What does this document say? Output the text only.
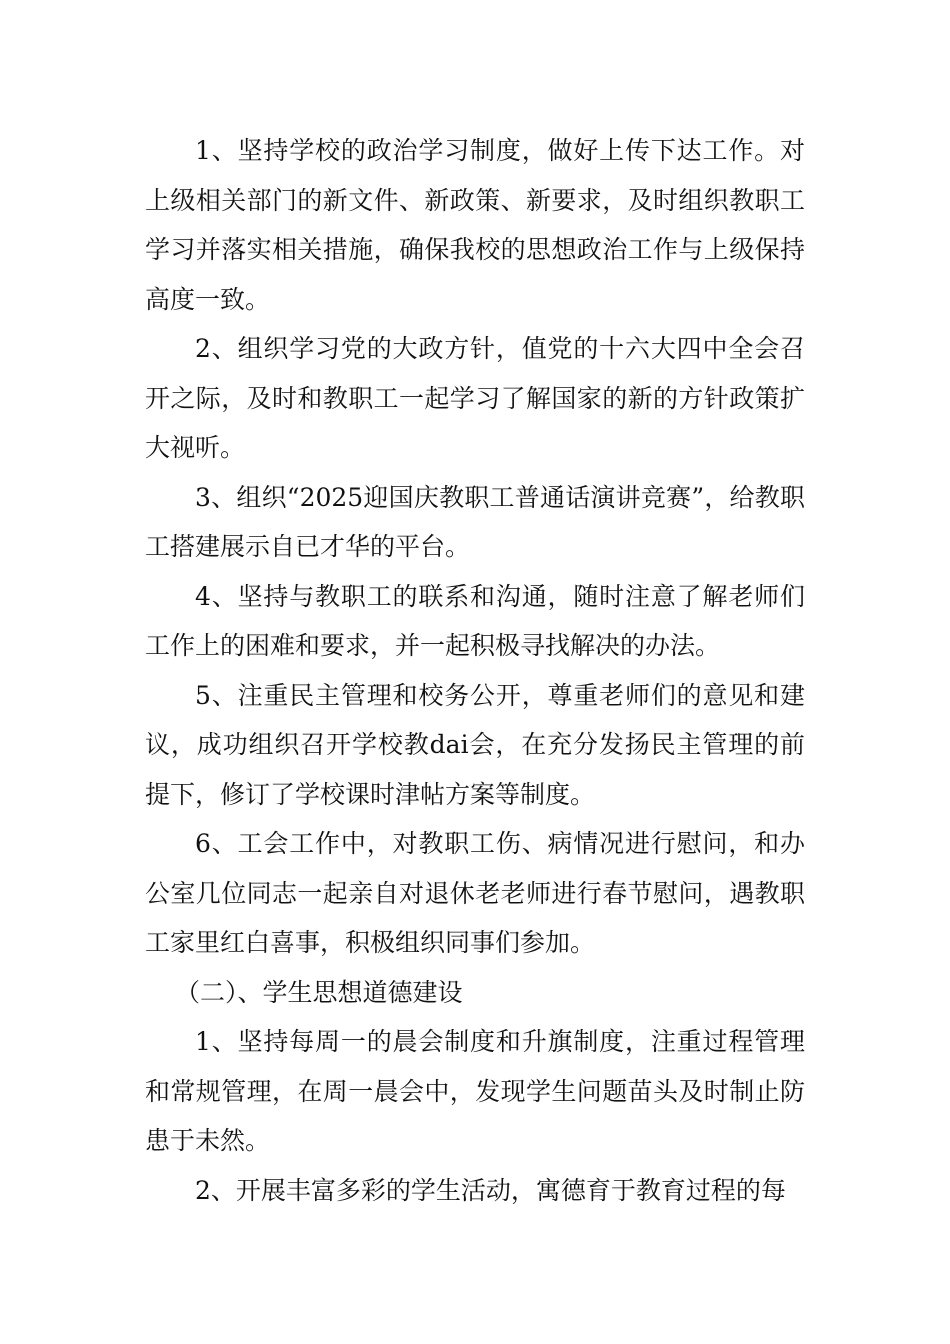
1、坚持学校的政治学习制度，做好上传下达工作。对上级相关部门的新文件、新政策、新要求，及时组织教职工学习并落实相关措施，确保我校的思想政治工作与上级保持高度一致。

2、组织学习党的大政方针，值党的十六大四中全会召开之际，及时和教职工一起学习了解国家的新的方针政策扩大视听。

3、组织“2025迎国庆教职工普通话演讲竞赛”，给教职工搭建展示自已才华的平台。

4、坚持与教职工的联系和沟通，随时注意了解老师们工作上的困难和要求，并一起积极寻找解决的办法。

5、注重民主管理和校务公开，尊重老师们的意见和建议，成功组织召开学校教dai会，在充分发扬民主管理的前提下，修订了学校课时津帖方案等制度。

6、工会工作中，对教职工伤、病情况进行慰问，和办公室几位同志一起亲自对退休老老师进行春节慰问，遇教职工家里红白喜事，积极组织同事们参加。

（二）、学生思想道德建设

1、坚持每周一的晨会制度和升旗制度，注重过程管理和常规管理，在周一晨会中，发现学生问题苗头及时制止防患于未然。

2、开展丰富多彩的学生活动，寓德育于教育过程的每
